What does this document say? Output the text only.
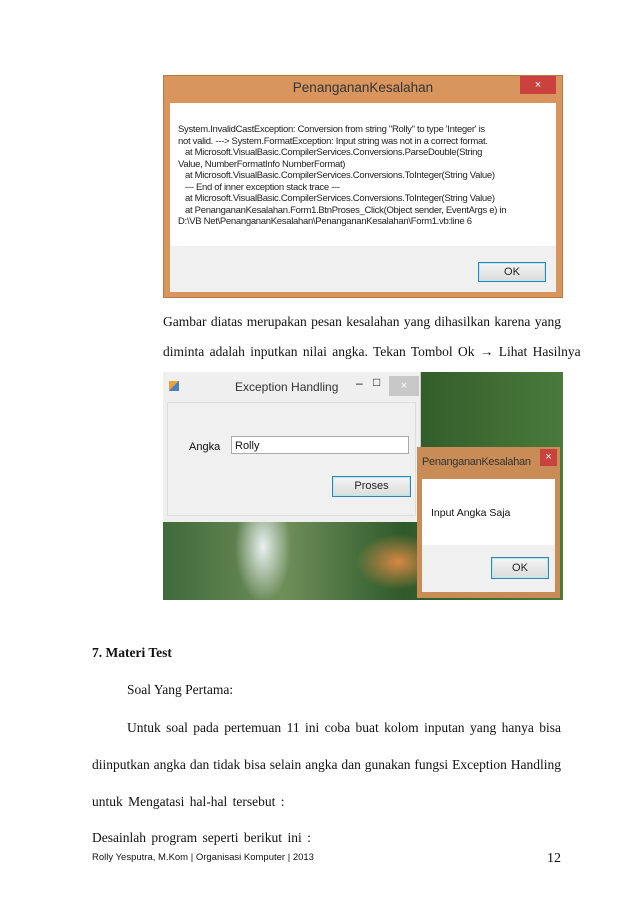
PenangananKesalahan	×
System.InvalidCastException: Conversion from string "Rolly" to type 'Integer' is
not valid. ---> System.FormatException: Input string was not in a correct format.
at Microsoft.VisualBasic.CompilerServices.Conversions.ParseDouble(String
Value, NumberFormatInfo NumberFormat)
at Microsoft.VisualBasic.CompilerServices.Conversions.ToInteger(String Value)
--- End of inner exception stack trace ---
at Microsoft.VisualBasic.CompilerServices.Conversions.ToInteger(String Value)
at PenangananKesalahan.Form1.BtnProses_Click(Object sender, EventArgs e) in
D:\VB Net\PenangananKesalahan\PenangananKesalahan\Form1.vb:line 6
OK
Gambar diatas merupakan pesan kesalahan yang dihasilkan karena yang
diminta adalah inputkan nilai angka. Tekan Tombol Ok → Lihat Hasilnya
Exception Handling – □	×
Angka	Rolly
Proses
PenangananKesalahan	×
Input Angka Saja
OK
7. Materi Test
Soal Yang Pertama:
Untuk soal pada pertemuan 11 ini coba buat kolom inputan yang hanya bisa
diinputkan angka dan tidak bisa selain angka dan gunakan fungsi Exception Handling
untuk Mengatasi hal-hal tersebut :
Desainlah program seperti berikut ini :
Rolly Yesputra, M.Kom | Organisasi Komputer | 2013	12
